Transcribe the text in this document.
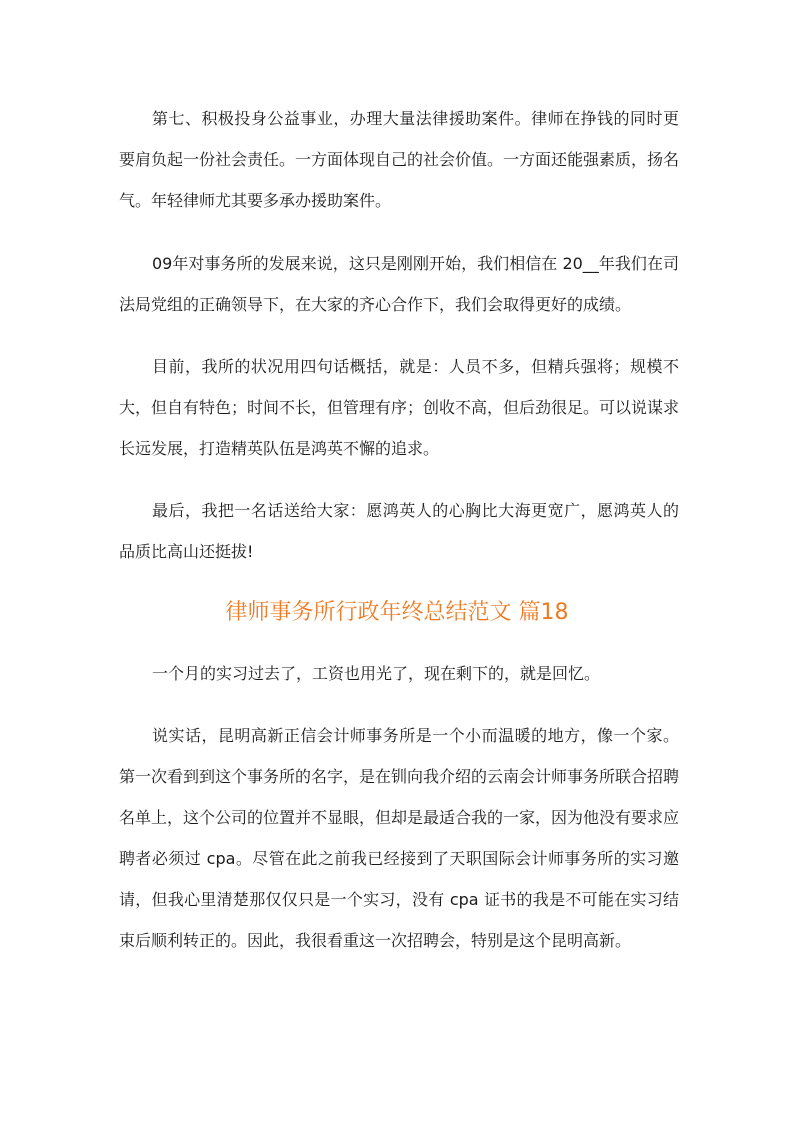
第七、积极投身公益事业，办理大量法律援助案件。律师在挣钱的同时更要肩负起一份社会责任。一方面体现自己的社会价值。一方面还能强素质，扬名气。年轻律师尤其要多承办援助案件。

09年对事务所的发展来说，这只是刚刚开始，我们相信在 20__年我们在司法局党组的正确领导下，在大家的齐心合作下，我们会取得更好的成绩。

目前，我所的状况用四句话概括，就是：人员不多，但精兵强将；规模不大，但自有特色；时间不长，但管理有序；创收不高，但后劲很足。可以说谋求长远发展，打造精英队伍是鸿英不懈的追求。

最后，我把一名话送给大家：愿鸿英人的心胸比大海更宽广，愿鸿英人的品质比高山还挺拔!

律师事务所行政年终总结范文 篇18

一个月的实习过去了，工资也用光了，现在剩下的，就是回忆。

说实话，昆明高新正信会计师事务所是一个小而温暖的地方，像一个家。第一次看到到这个事务所的名字，是在钏向我介绍的云南会计师事务所联合招聘名单上，这个公司的位置并不显眼，但却是最适合我的一家，因为他没有要求应聘者必须过 cpa。尽管在此之前我已经接到了天职国际会计师事务所的实习邀请，但我心里清楚那仅仅只是一个实习，没有 cpa 证书的我是不可能在实习结束后顺利转正的。因此，我很看重这一次招聘会，特别是这个昆明高新。
